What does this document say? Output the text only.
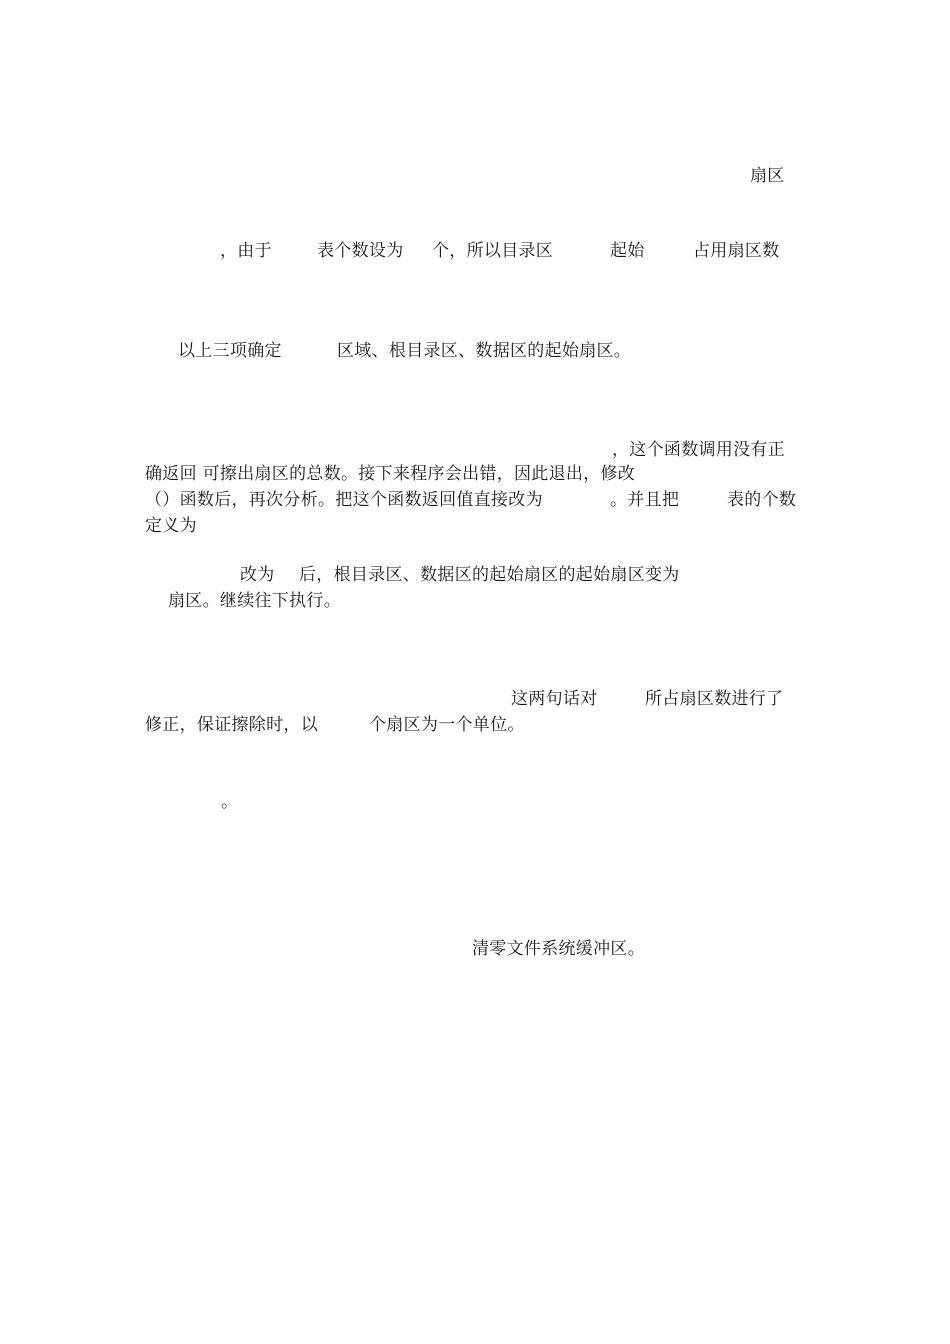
扇区
，由于	表个数设为 个，所以目录区	起始	占用扇区数
以上三项确定	区域、根目录区、数据区的起始扇区。
，这个函数调用没有正
确返回 可擦出扇区的总数。接下来程序会出错，因此退出，修改
（）函数后，再次分析。把这个函数返回值直接改为	。并且把	表的个数
定义为
改为 后，根目录区、数据区的起始扇区的起始扇区变为
扇区。继续往下执行。
这两句话对	所占扇区数进行了
修正，保证擦除时，以	个扇区为一个单位。
。
清零文件系统缓冲区。
